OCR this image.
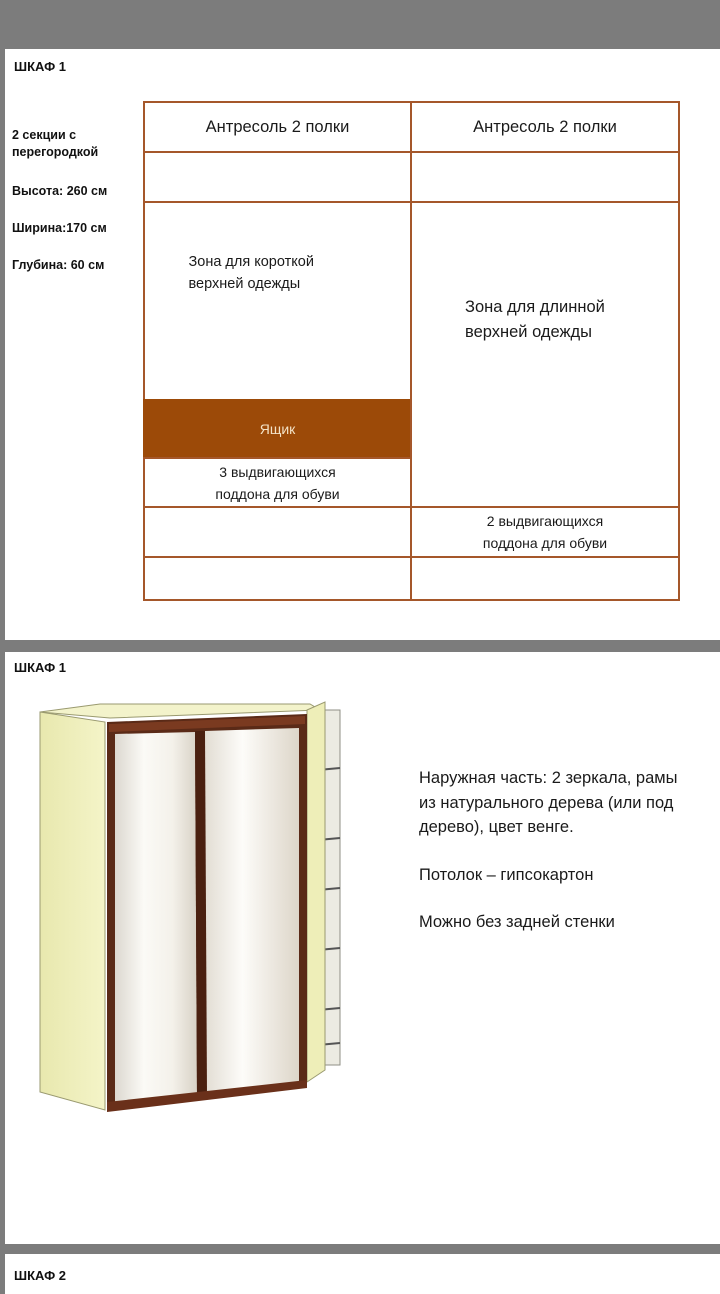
ШКАФ 1
2 секции с перегородкой
Высота: 260 см
Ширина:170 см
Глубина: 60 см
Антресоль 2 полки
Зона для короткой верхней одежды
Ящик
3 выдвигающихся поддона для обуви
Антресоль 2 полки
Зона для длинной верхней одежды
2 выдвигающихся поддона для обуви
ШКАФ 1

Наружная часть: 2 зеркала, рамы из натурального дерева (или под дерево), цвет венге.

Потолок – гипсокартон

Можно без задней стенки

ШКАФ 2
